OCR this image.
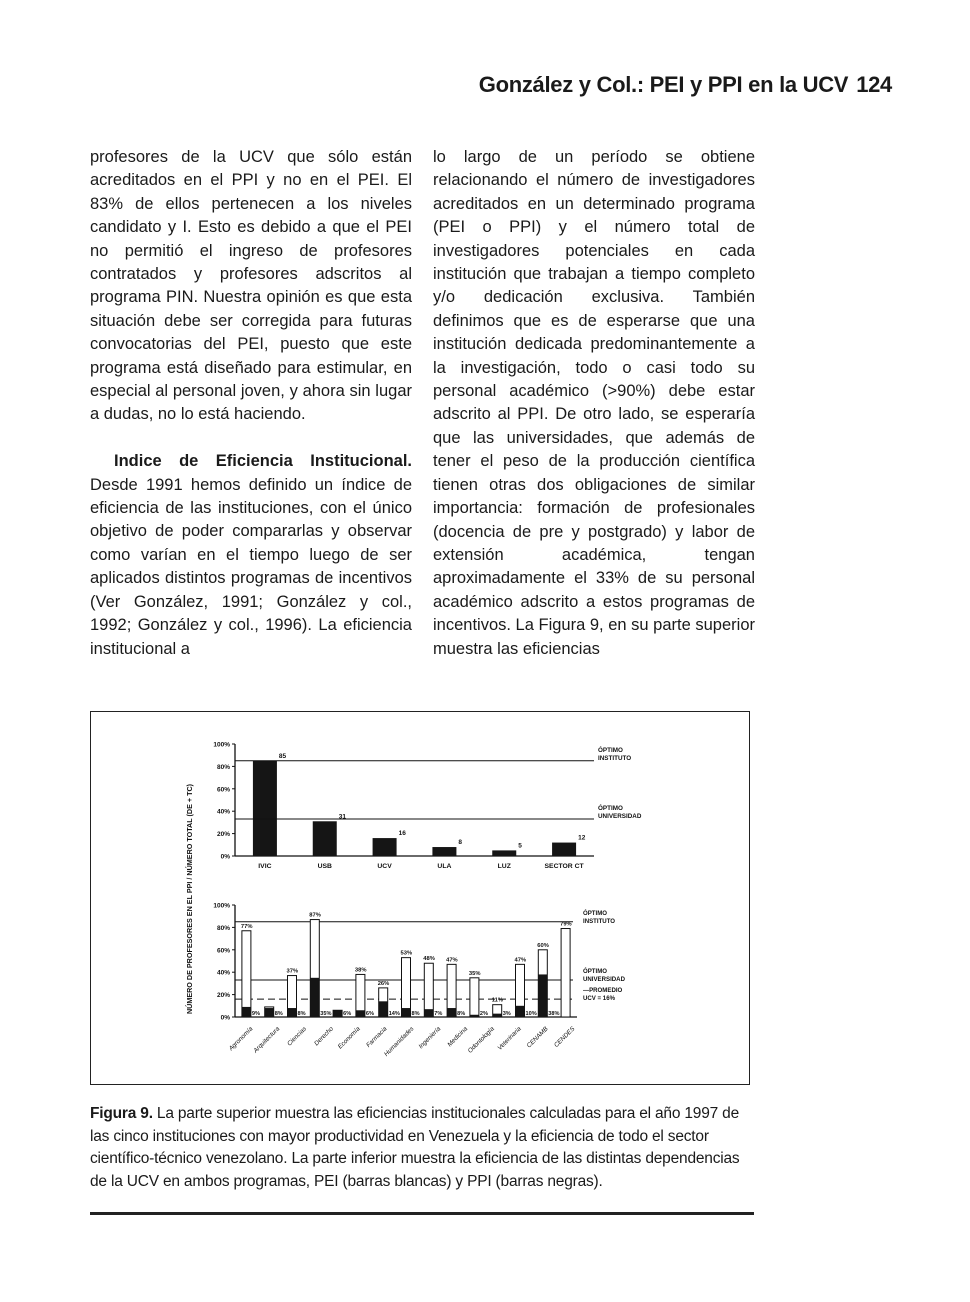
González y Col.: PEI y PPI en la UCV 124

profesores de la UCV que sólo están acreditados en el PPI y no en el PEI. El 83% de ellos pertenecen a los niveles candidato y I. Esto es debido a que el PEI no permitió el ingreso de profesores contratados y profesores adscritos al programa PIN. Nuestra opinión es que esta situación debe ser corregida para futuras convocatorias del PEI, puesto que este programa está diseñado para estimular, en especial al personal joven, y ahora sin lugar a dudas, no lo está haciendo.

Indice de Eficiencia Institucional. Desde 1991 hemos definido un índice de eficiencia de las instituciones, con el único objetivo de poder compararlas y observar como varían en el tiempo luego de ser aplicados distintos programas de incentivos (Ver González, 1991; González y col., 1992; González y col., 1996). La eficiencia institucional a

lo largo de un período se obtiene relacionando el número de investigadores acreditados en un determinado programa (PEI o PPI) y el número total de investigadores potenciales en cada institución que trabajan a tiempo completo y/o dedicación exclusiva. También definimos que es de esperarse que una institución dedicada predominantemente a la investigación, todo o casi todo su personal académico (>90%) debe estar adscrito al PPI. De otro lado, se esperaría que las universidades, que además de tener el peso de la producción científica tienen otras dos obligaciones de similar importancia: formación de profesionales (docencia de pre y postgrado) y labor de extensión académica, tengan aproximadamente el 33% de su personal académico adscrito a estos programas de incentivos. La Figura 9, en su parte superior muestra las eficiencias

NÚMERO DE PROFESORES EN EL PPI / NÚMERO TOTAL (DE + TC)	0%
20%
40%
60%
80%
100%
85
IVIC
31
USB
16
UCV
8
ULA
5
LUZ
12
SECTOR CT
ÓPTIMO
INSTITUTO
ÓPTIMO
UNIVERSIDAD
0%
20%
40%
60%
80%
100%
77%
9%	8%
37%
8%
87%
35% 6%
38%
6%
26%
14%
53%
8%
48%
7%
47%
8%
35%
2%
11%
3%
47%
10%
60%
38%
79%
ÓPTIMO
INSTITUTO
ÓPTIMO
UNIVERSIDAD
—PROMEDIO
UCV = 16%
Agronomía
Arquitectura Ciencias Derecho Economía Farmacia
Humanidades Ingeniería Medicina
Odontología Veterinaria CENAMB CENDES
Figura 9. La parte superior muestra las eficiencias institucionales calculadas para el año 1997 de las cinco instituciones con mayor productividad en Venezuela y la eficiencia de todo el sector científico-técnico venezolano. La parte inferior muestra la eficiencia de las distintas dependencias de la UCV en ambos programas, PEI (barras blancas) y PPI (barras negras).
